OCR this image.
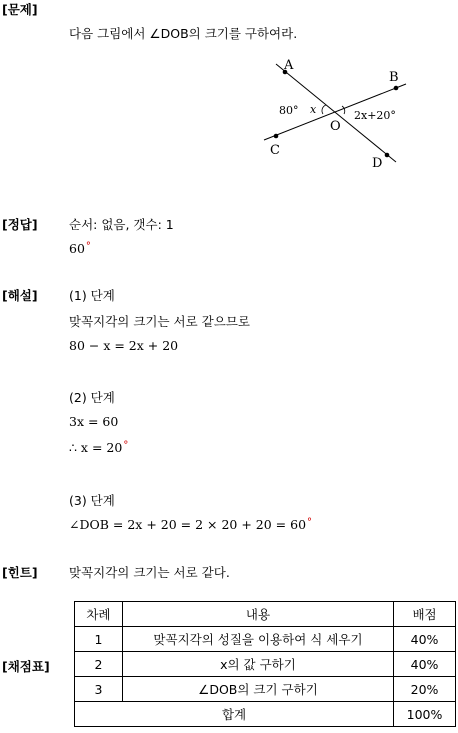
[문제]
다음 그림에서 ∠DOB의 크기를 구하여라.
A
B
C
D
O
80° x	2x+20°
[정답]	순서: 없음, 갯수: 1
60°
[해설]	(1) 단계
맞꼭지각의 크기는 서로 같으므로
80 − x = 2x + 20
(2) 단계
3x = 60
∴ x = 20°
(3) 단계
∠DOB = 2x + 20 = 2 × 20 + 20 = 60°
[힌트]	맞꼭지각의 크기는 서로 같다.
[채점표]
차례	내용	배점
1	맞꼭지각의 성질을 이용하여 식 세우기	40%
2	x의 값 구하기	40%
3	∠DOB의 크기 구하기	20%
합계		100%
